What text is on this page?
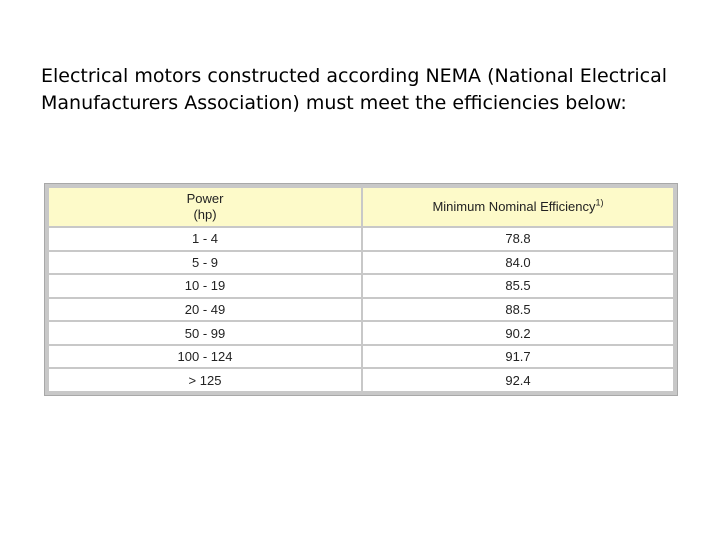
Electrical motors constructed according NEMA (National Electrical Manufacturers Association) must meet the efficiencies below:

Power
(hp)	Minimum Nominal Efficiency$^{1)}$
1 - 4	78.8
5 - 9	84.0
10 - 19	85.5
20 - 49	88.5
50 - 99	90.2
100 - 124	91.7
> 125	92.4
